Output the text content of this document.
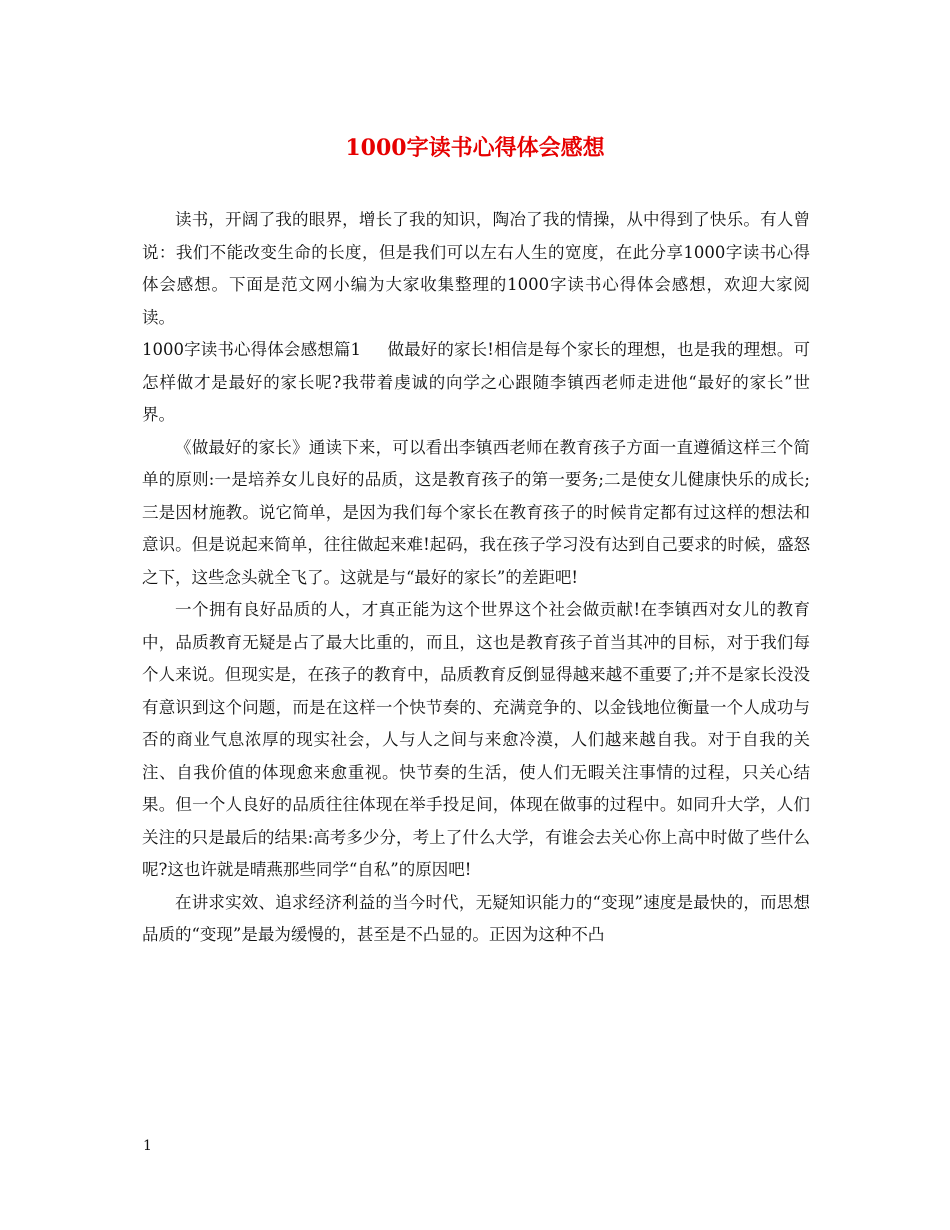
1000字读书心得体会感想

读书，开阔了我的眼界，增长了我的知识，陶冶了我的情操，从中得到了快乐。有人曾说：我们不能改变生命的长度，但是我们可以左右人生的宽度，在此分享1000字读书心得体会感想。下面是范文网小编为大家收集整理的1000字读书心得体会感想，欢迎大家阅读。

1000字读书心得体会感想篇1 做最好的家长!相信是每个家长的理想，也是我的理想。可怎样做才是最好的家长呢?我带着虔诚的向学之心跟随李镇西老师走进他“最好的家长”世界。

《做最好的家长》通读下来，可以看出李镇西老师在教育孩子方面一直遵循这样三个简单的原则:一是培养女儿良好的品质，这是教育孩子的第一要务;二是使女儿健康快乐的成长;三是因材施教。说它简单，是因为我们每个家长在教育孩子的时候肯定都有过这样的想法和意识。但是说起来简单，往往做起来难!起码，我在孩子学习没有达到自己要求的时候，盛怒之下，这些念头就全飞了。这就是与“最好的家长”的差距吧!

一个拥有良好品质的人，才真正能为这个世界这个社会做贡献!在李镇西对女儿的教育中，品质教育无疑是占了最大比重的，而且，这也是教育孩子首当其冲的目标，对于我们每个人来说。但现实是，在孩子的教育中，品质教育反倒显得越来越不重要了;并不是家长没没有意识到这个问题，而是在这样一个快节奏的、充满竞争的、以金钱地位衡量一个人成功与否的商业气息浓厚的现实社会，人与人之间与来愈冷漠，人们越来越自我。对于自我的关注、自我价值的体现愈来愈重视。快节奏的生活，使人们无暇关注事情的过程，只关心结果。但一个人良好的品质往往体现在举手投足间，体现在做事的过程中。如同升大学，人们关注的只是最后的结果:高考多少分，考上了什么大学，有谁会去关心你上高中时做了些什么呢?这也许就是晴燕那些同学“自私”的原因吧!

在讲求实效、追求经济利益的当今时代，无疑知识能力的“变现”速度是最快的，而思想品质的“变现”是最为缓慢的，甚至是不凸显的。正因为这种不凸

1
